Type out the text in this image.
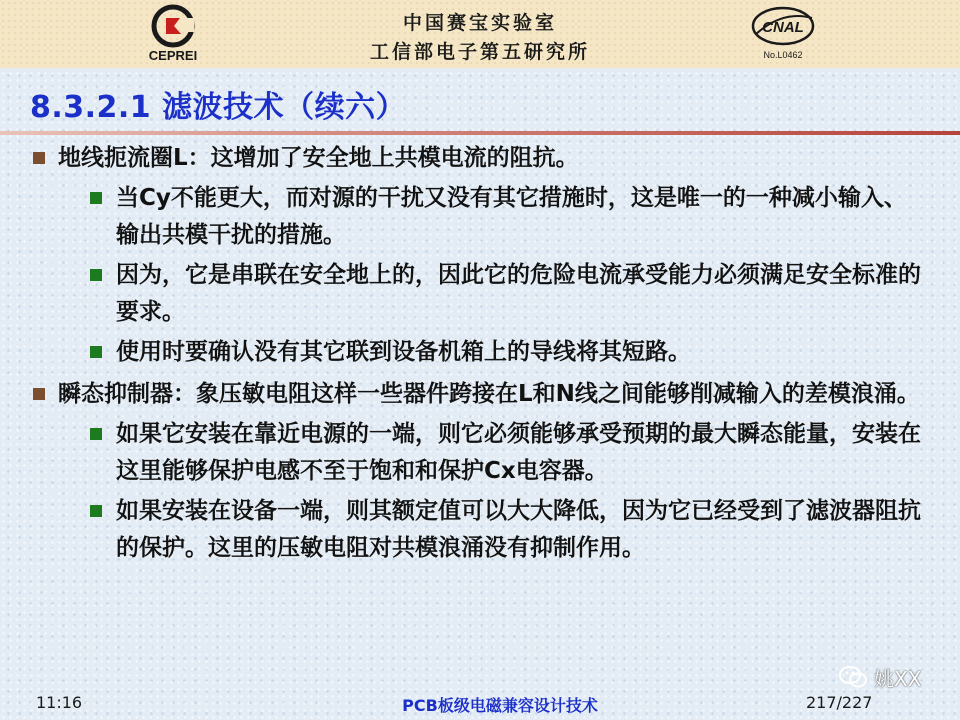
CEPREI
中国赛宝实验室
工信部电子第五研究所
CNAL
No.L0462
8.3.2.1 滤波技术（续六）
地线扼流圈L：这增加了安全地上共模电流的阻抗。
当Cy不能更大，而对源的干扰又没有其它措施时，这是唯一的一种减小输入、输出共模干扰的措施。
因为，它是串联在安全地上的，因此它的危险电流承受能力必须满足安全标准的要求。
使用时要确认没有其它联到设备机箱上的导线将其短路。
瞬态抑制器：象压敏电阻这样一些器件跨接在L和N线之间能够削减输入的差模浪涌。
如果它安装在靠近电源的一端，则它必须能够承受预期的最大瞬态能量，安装在这里能够保护电感不至于饱和和保护Cx电容器。
如果安装在设备一端，则其额定值可以大大降低，因为它已经受到了滤波器阻抗的保护。这里的压敏电阻对共模浪涌没有抑制作用。
11:16	PCB板级电磁兼容设计技术	217/227
姚XX
